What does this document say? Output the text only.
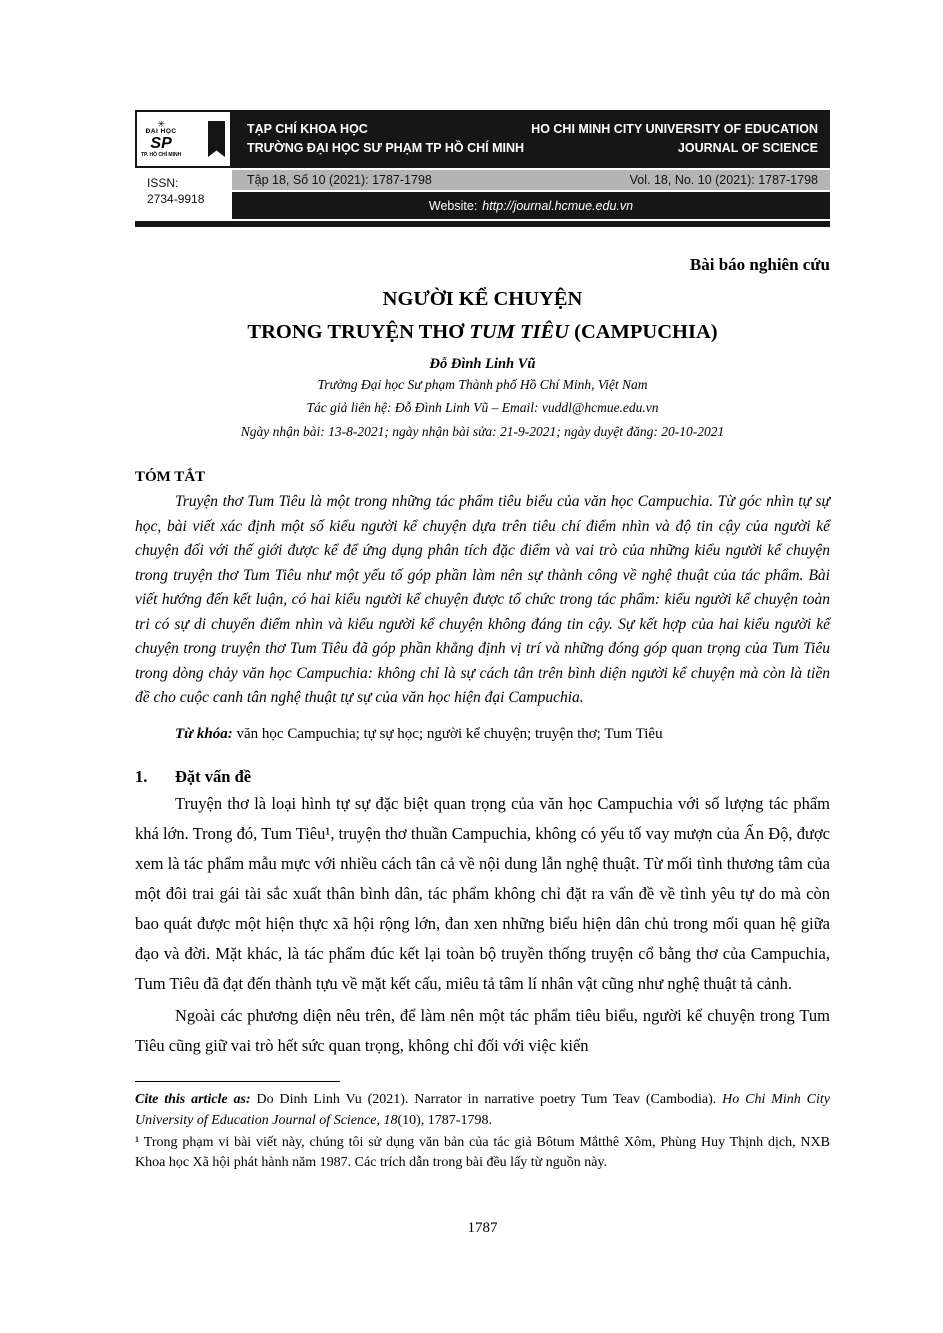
✳
ĐẠI HỌC
SP
TP. HỒ CHÍ MINH
ISSN:
2734-9918
TẠP CHÍ KHOA HỌC
TRƯỜNG ĐẠI HỌC SƯ PHẠM TP HỒ CHÍ MINH
HO CHI MINH CITY UNIVERSITY OF EDUCATION
JOURNAL OF SCIENCE
Tập 18, Số 10 (2021): 1787-1798	Vol. 18, No. 10 (2021): 1787-1798
Website: http://journal.hcmue.edu.vn
Bài báo nghiên cứu
NGƯỜI KỂ CHUYỆN
TRONG TRUYỆN THƠ TUM TIÊU (CAMPUCHIA)
Đỗ Đình Linh Vũ
Trường Đại học Sư phạm Thành phố Hồ Chí Minh, Việt Nam
Tác giả liên hệ: Đỗ Đình Linh Vũ – Email: vuddl@hcmue.edu.vn
Ngày nhận bài: 13-8-2021; ngày nhận bài sửa: 21-9-2021; ngày duyệt đăng: 20-10-2021
TÓM TẮT

Truyện thơ Tum Tiêu là một trong những tác phẩm tiêu biểu của văn học Campuchia. Từ góc nhìn tự sự học, bài viết xác định một số kiểu người kể chuyện dựa trên tiêu chí điểm nhìn và độ tin cậy của người kể chuyện đối với thế giới được kể để ứng dụng phân tích đặc điểm và vai trò của những kiểu người kể chuyện trong truyện thơ Tum Tiêu như một yếu tố góp phần làm nên sự thành công về nghệ thuật của tác phẩm. Bài viết hướng đến kết luận, có hai kiểu người kể chuyện được tổ chức trong tác phẩm: kiểu người kể chuyện toàn tri có sự di chuyển điểm nhìn và kiểu người kể chuyện không đáng tin cậy. Sự kết hợp của hai kiểu người kể chuyện trong truyện thơ Tum Tiêu đã góp phần khẳng định vị trí và những đóng góp quan trọng của Tum Tiêu trong dòng chảy văn học Campuchia: không chỉ là sự cách tân trên bình diện người kể chuyện mà còn là tiền đề cho cuộc canh tân nghệ thuật tự sự của văn học hiện đại Campuchia.

Từ khóa: văn học Campuchia; tự sự học; người kể chuyện; truyện thơ; Tum Tiêu
1. Đặt vấn đề

Truyện thơ là loại hình tự sự đặc biệt quan trọng của văn học Campuchia với số lượng tác phẩm khá lớn. Trong đó, Tum Tiêu¹, truyện thơ thuần Campuchia, không có yếu tố vay mượn của Ấn Độ, được xem là tác phẩm mẫu mực với nhiều cách tân cả về nội dung lẫn nghệ thuật. Từ mối tình thương tâm của một đôi trai gái tài sắc xuất thân bình dân, tác phẩm không chỉ đặt ra vấn đề về tình yêu tự do mà còn bao quát được một hiện thực xã hội rộng lớn, đan xen những biểu hiện dân chủ trong mối quan hệ giữa đạo và đời. Mặt khác, là tác phẩm đúc kết lại toàn bộ truyền thống truyện cổ bằng thơ của Campuchia, Tum Tiêu đã đạt đến thành tựu về mặt kết cấu, miêu tả tâm lí nhân vật cũng như nghệ thuật tả cảnh.

Ngoài các phương diện nêu trên, để làm nên một tác phẩm tiêu biểu, người kể chuyện trong Tum Tiêu cũng giữ vai trò hết sức quan trọng, không chỉ đối với việc kiến

Cite this article as: Do Dinh Linh Vu (2021). Narrator in narrative poetry Tum Teav (Cambodia). Ho Chi Minh City University of Education Journal of Science, 18(10), 1787-1798.
¹ Trong phạm vi bài viết này, chúng tôi sử dụng văn bản của tác giả Bôtum Mắtthê Xôm, Phùng Huy Thịnh dịch, NXB Khoa học Xã hội phát hành năm 1987. Các trích dẫn trong bài đều lấy từ nguồn này.
1787
